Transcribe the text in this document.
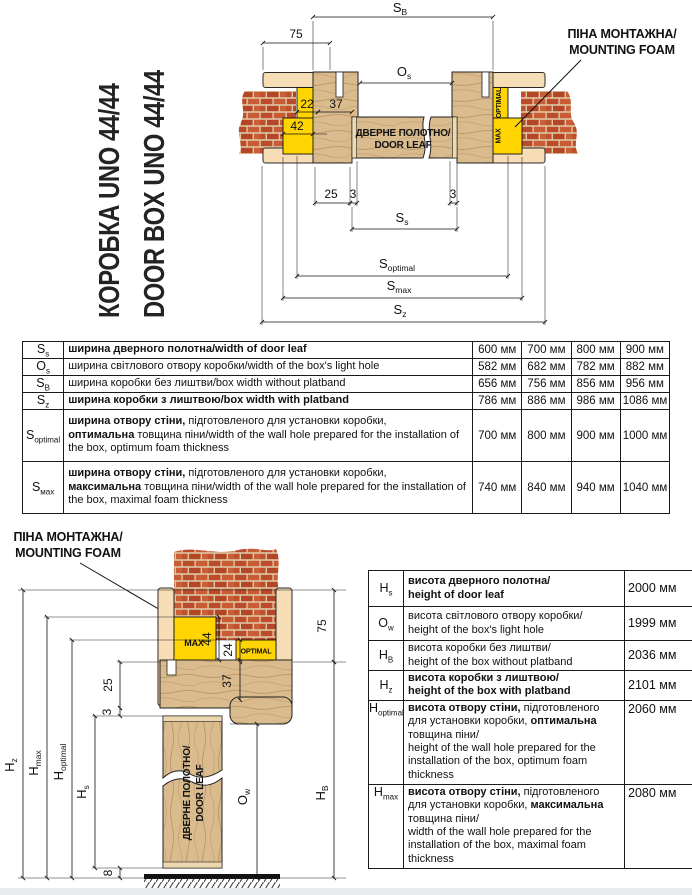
КОРОБКА UNO 44/44 DOOR BOX UNO 44/44	OPTIMAL
MAX
ДВЕРНЕ ПОЛОТНО/
DOOR LEAF
ПІНА МОНТАЖНА/
MOUNTING FOAM
$S_B$
75
$O_s$
22 37
42
25 3	3
$S_s$
$S_{optimal}$
$S_{max}$
$S_z$
$S_s$	ширина дверного полотна/width of door leaf	600 мм	700 мм	800 мм	900 мм
$O_s$	ширина світлового отвору коробки/width of the box's light hole	582 мм	682 мм	782 мм	882 мм
$S_B$	ширина коробки без лиштви/box width without platband	656 мм	756 мм	856 мм	956 мм
$S_z$	ширина коробки з лиштвою/box width with platband	786 мм	886 мм	986 мм	1086 мм
$S_{optimal}$	ширина отвору стіни, підготовленого для установки коробки,
оптимальна товщина піни/width of the wall hole prepared for the installation of the box, optimum foam thickness	700 мм	800 мм	900 мм	1000 мм
$S_{мах}$	ширина отвору стіни, підготовленого для установки коробки,
максимальна товщина піни/width of the wall hole prepared for the installation of the box, maximal foam thickness	740 мм	840 мм	940 мм	1040 мм
ПІНА МОНТАЖНА/
MOUNTING FOAM
MAX
OPTIMAL
ДВЕРНЕ ПОЛОТНО/ DOOR LEAF
44
24
37
25
3
8
$H_s$
$H_{optimal}$
$H_{max}$
$H_z$
75
$H_B$
$O_w$
$H_s$	висота дверного полотна/
height of door leaf	2000 мм
$O_w$	висота світлового отвору коробки/
height of the box's light hole	1999 мм
$H_B$	висота коробки без лиштви/
height of the box without platband	2036 мм
$H_z$	висота коробки з лиштвою/
height of the box with platband	2101 мм
$H_{optimal}$	висота отвору стіни, підготовленого для установки коробки, оптимальна товщина піни/
height of the wall hole prepared for the installation of the box, optimum foam thickness	2060 мм
$H_{max}$	висота отвору стіни, підготовленого для установки коробки, максимальна товщина піни/
width of the wall hole prepared for the installation of the box, maximal foam thickness	2080 мм
